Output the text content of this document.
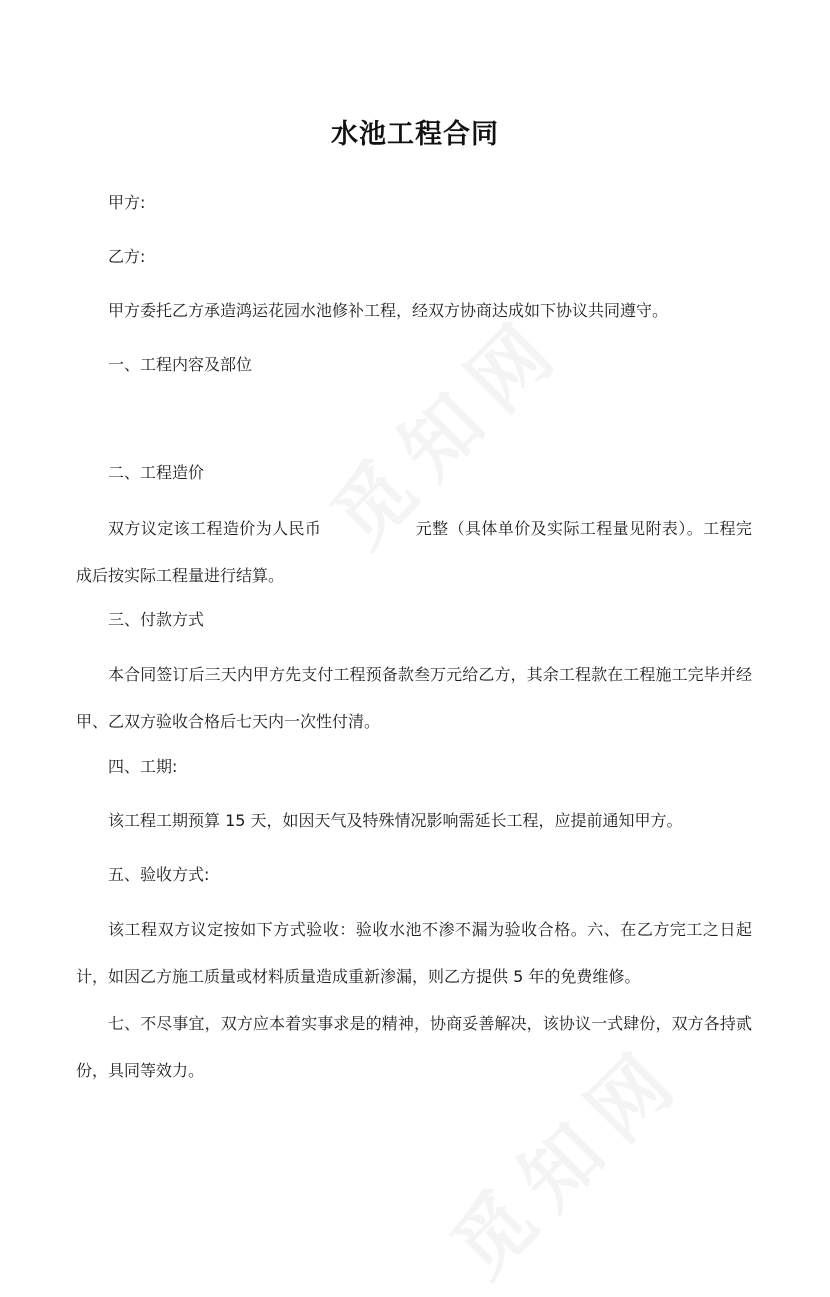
水池工程合同
甲方:
乙方:
甲方委托乙方承造鸿运花园水池修补工程，经双方协商达成如下协议共同遵守。
一、工程内容及部位
二、工程造价
双方议定该工程造价为人民币	元整（具体单价及实际工程量见附表）。工程完成后按实际工程量进行结算。
三、付款方式
本合同签订后三天内甲方先支付工程预备款叁万元给乙方，其余工程款在工程施工完毕并经甲、乙双方验收合格后七天内一次性付清。
四、工期:
该工程工期预算 15 天，如因天气及特殊情况影响需延长工程，应提前通知甲方。
五、验收方式:
该工程双方议定按如下方式验收：验收水池不渗不漏为验收合格。六、在乙方完工之日起计，如因乙方施工质量或材料质量造成重新渗漏，则乙方提供 5 年的免费维修。
七、不尽事宜，双方应本着实事求是的精神，协商妥善解决，该协议一式肆份，双方各持贰份，具同等效力。
